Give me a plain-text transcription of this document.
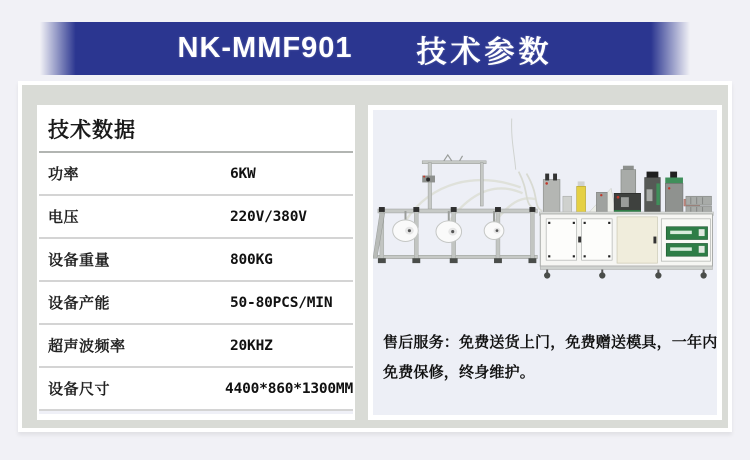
NK-MMF901 技术参数
技术数据
功率	6KW
电压	220V/380V
设备重量	800KG
设备产能	50-80PCS/MIN
超声波频率	20KHZ
设备尺寸	4400*860*1300MM
售后服务：免费送货上门，免费赠送模具，一年内
免费保修，终身维护。
